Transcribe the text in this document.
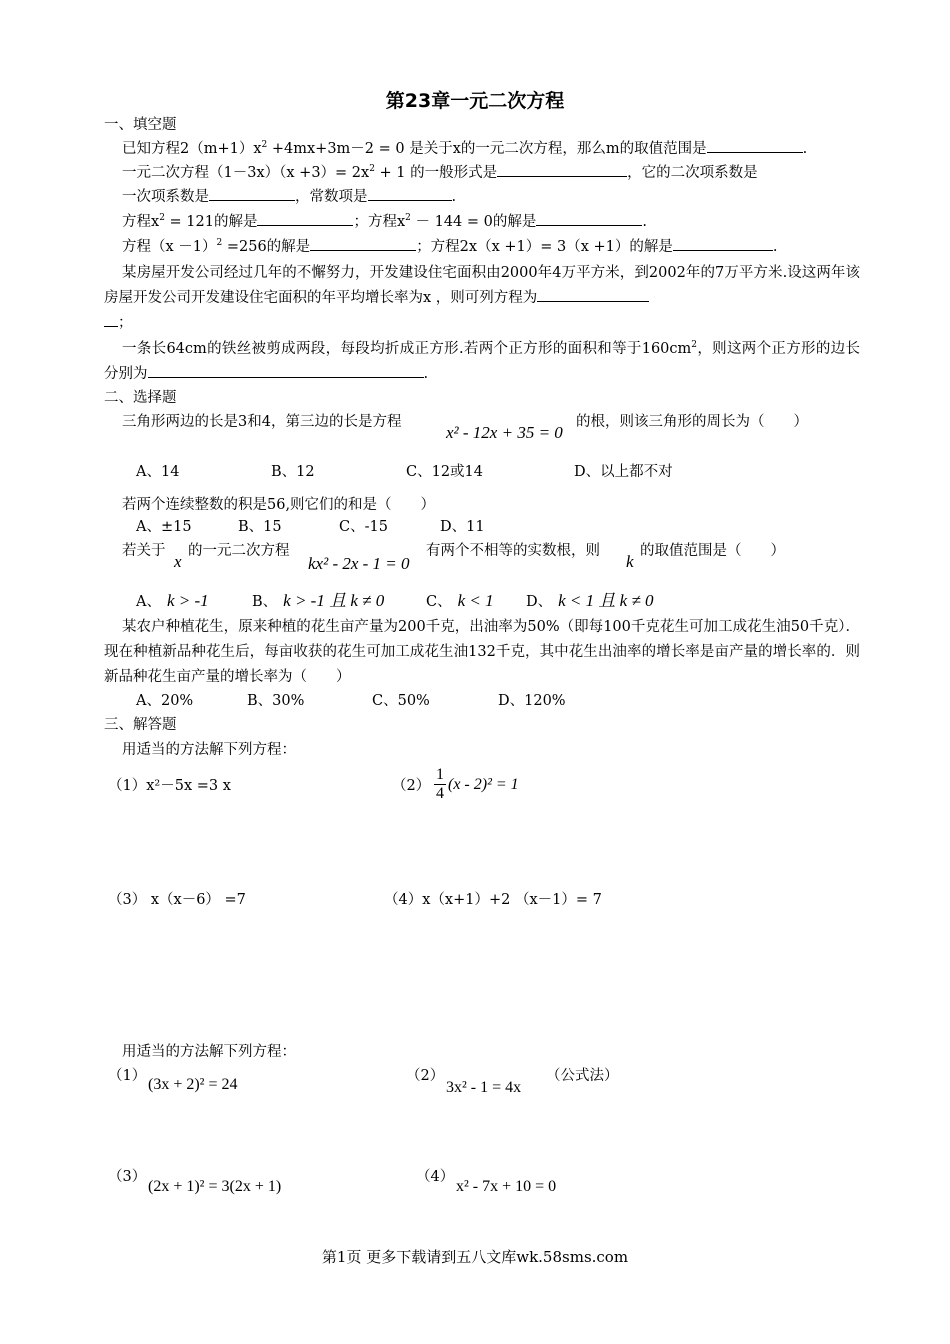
第23章一元二次方程
一、填空题
已知方程$2(m+1)x^2 +4mx+3m-2 = 0$ 是关于x的一元二次方程，那么m的取值范围是	.
一元二次方程$(1-3x)(x +3)= 2x^2 + 1$ 的一般形式是	，它的二次项系数是
一次项系数是	，常数项是	.
方程$x^2 = 121$的解是	；方程$x^2 - 144 = 0$的解是	.
方程$(x -1)^2 =256$的解是	；方程2x（x +1）= 3（x +1）的解是	.
某房屋开发公司经过几年的不懈努力，开发建设住宅面积由2000年4万平方米，到2002年的7万平方米.设这两年该房屋开发公司开发建设住宅面积的年平均增长率为x ，则可列方程为
；
一条长64cm的铁丝被剪成两段，每段均折成正方形.若两个正方形的面积和等于$160cm^2$，则这两个正方形的边长分别为	.
二、选择题
三角形两边的长是3和4，第三边的长是方程
x² - 12x + 35 = 0
的根，则该三角形的周长为（　　）
A、14	B、12	C、12或14	D、以上都不对
若两个连续整数的积是56,则它们的和是（　　）
A、±15	B、15	C、-15	D、11
若关于
x
的一元二次方程
kx² - 2x - 1 = 0
有两个不相等的实数根，则
k
的取值范围是（　　）
A、 k > -1	B、 k > -1 且 k ≠ 0	C、 k < 1 D、 k < 1 且 k ≠ 0
某农户种植花生，原来种植的花生亩产量为200千克，出油率为50%（即每100千克花生可加工成花生油50千克）．现在种植新品种花生后，每亩收获的花生可加工成花生油132千克，其中花生出油率的增长率是亩产量的增长率的．则新品种花生亩产量的增长率为（　　）
A、20%	B、30%	C、50%	D、120%
三、解答题
用适当的方法解下列方程：
（1）x²－5x =3 x	$(2) \frac{1}{4} (x - 2)^2 = 1$
（3） x（x－6） =7	（4）x（x+1）+2 （x－1）= 7
用适当的方法解下列方程：
（1） (3x + 2)² = 24	（2）
3x² - 1 = 4x
（公式法）
（3）
(2x + 1)² = 3(2x + 1)
（4）
x² - 7x + 10 = 0
第1页 更多下载请到五八文库wk.58sms.com
